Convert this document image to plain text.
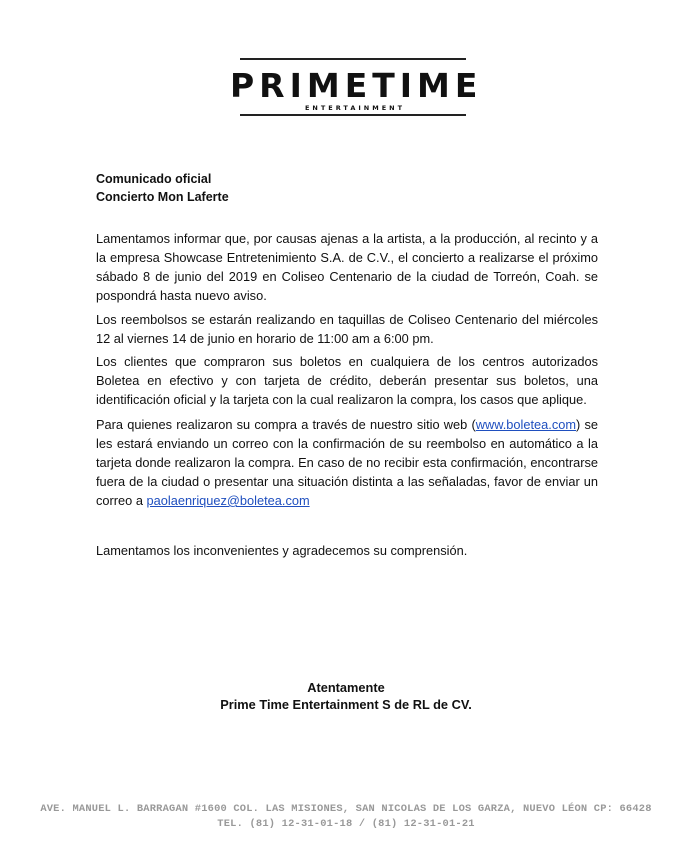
PRIMETIME
ENTERTAINMENT
Comunicado oficial
Concierto Mon Laferte

Lamentamos informar que, por causas ajenas a la artista, a la producción, al recinto y a la empresa Showcase Entretenimiento S.A. de C.V., el concierto a realizarse el próximo sábado 8 de junio del 2019 en Coliseo Centenario de la ciudad de Torreón, Coah. se pospondrá hasta nuevo aviso.

Los reembolsos se estarán realizando en taquillas de Coliseo Centenario del miércoles 12 al viernes 14 de junio en horario de 11:00 am a 6:00 pm.

Los clientes que compraron sus boletos en cualquiera de los centros autorizados Boletea en efectivo y con tarjeta de crédito, deberán presentar sus boletos, una identificación oficial y la tarjeta con la cual realizaron la compra, los casos que aplique.

Para quienes realizaron su compra a través de nuestro sitio web (www.boletea.com) se les estará enviando un correo con la confirmación de su reembolso en automático a la tarjeta donde realizaron la compra. En caso de no recibir esta confirmación, encontrarse fuera de la ciudad o presentar una situación distinta a las señaladas, favor de enviar un correo a paolaenriquez@boletea.com

Lamentamos los inconvenientes y agradecemos su comprensión.

Atentamente
Prime Time Entertainment S de RL de CV.
AVE. MANUEL L. BARRAGAN #1600 COL. LAS MISIONES, SAN NICOLAS DE LOS GARZA, NUEVO LÉON CP: 66428
TEL. (81) 12-31-01-18 / (81) 12-31-01-21
